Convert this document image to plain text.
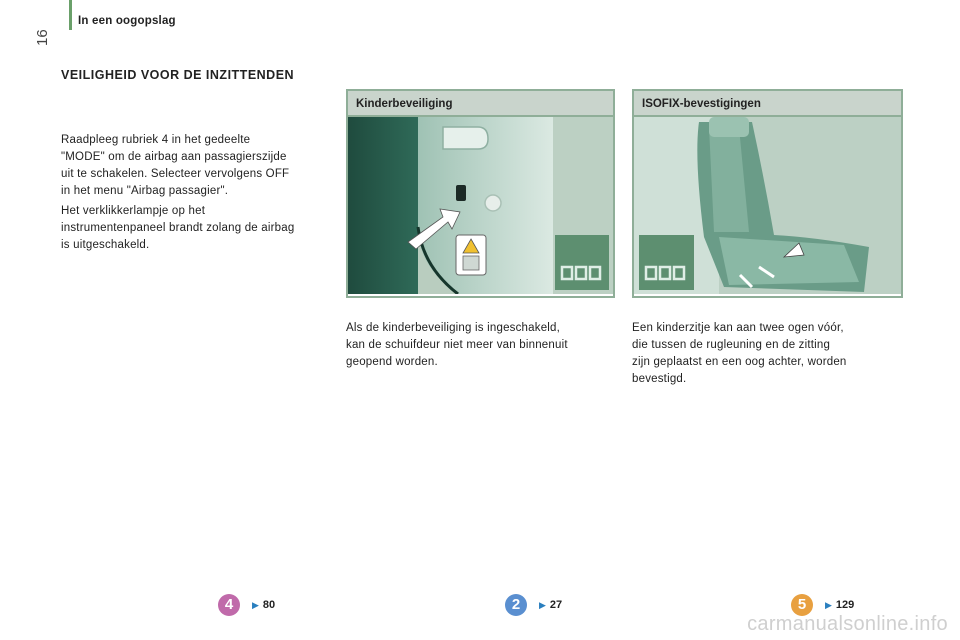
In een oogopslag
16
VEILIGHEID VOOR DE INZITTENDEN
Raadpleeg rubriek 4 in het gedeelte
"MODE" om de airbag aan passagierszijde
uit te schakelen. Selecteer vervolgens OFF
in het menu "Airbag passagier".
Het verklikkerlampje op het
instrumentenpaneel brandt zolang de airbag
is uitgeschakeld.
Kinderbeveiliging	ISOFIX-bevestigingen
Als de kinderbeveiliging is ingeschakeld,
kan de schuifdeur niet meer van binnenuit
geopend worden.
Een kinderzitje kan aan twee ogen vóór,
die tussen de rugleuning en de zitting
zijn geplaatst en een oog achter, worden
bevestigd.
4	▶ 80	2	▶ 27	5	▶ 129
carmanualsonline.info
